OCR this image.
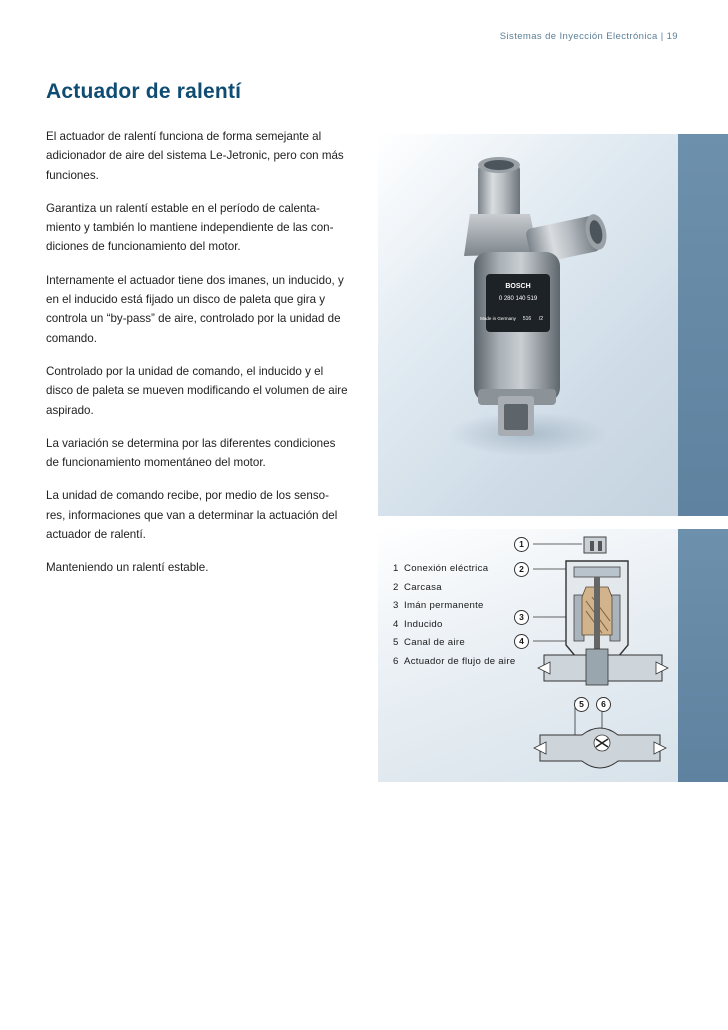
Sistemas de Inyección Electrónica | 19
Actuador de ralentí

El actuador de ralentí funciona de forma semejante al adicionador de aire del sistema Le-Jetronic, pero con más funciones.

Garantiza un ralentí estable en el período de calenta-miento y también lo mantiene independiente de las con-diciones de funcionamiento del motor.

Internamente el actuador tiene dos imanes, un inducido, y en el inducido está fijado un disco de paleta que gira y controla un “by-pass” de aire, controlado por la unidad de comando.

Controlado por la unidad de comando, el inducido y el disco de paleta se mueven modificando el volumen de aire aspirado.

La variación se determina por las diferentes condiciones de funcionamiento momentáneo del motor.

La unidad de comando recibe, por medio de los senso-res, informaciones que van a determinar la actuación del actuador de ralentí.

Manteniendo un ralentí estable.

BOSCH
0 280 140 519
Made in Germany 516 /2
1 Conexión eléctrica
2 Carcasa
3 Imán permanente
4 Inducido
5 Canal de aire
6 Actuador de flujo de aire
1
2
3
4
5	6
